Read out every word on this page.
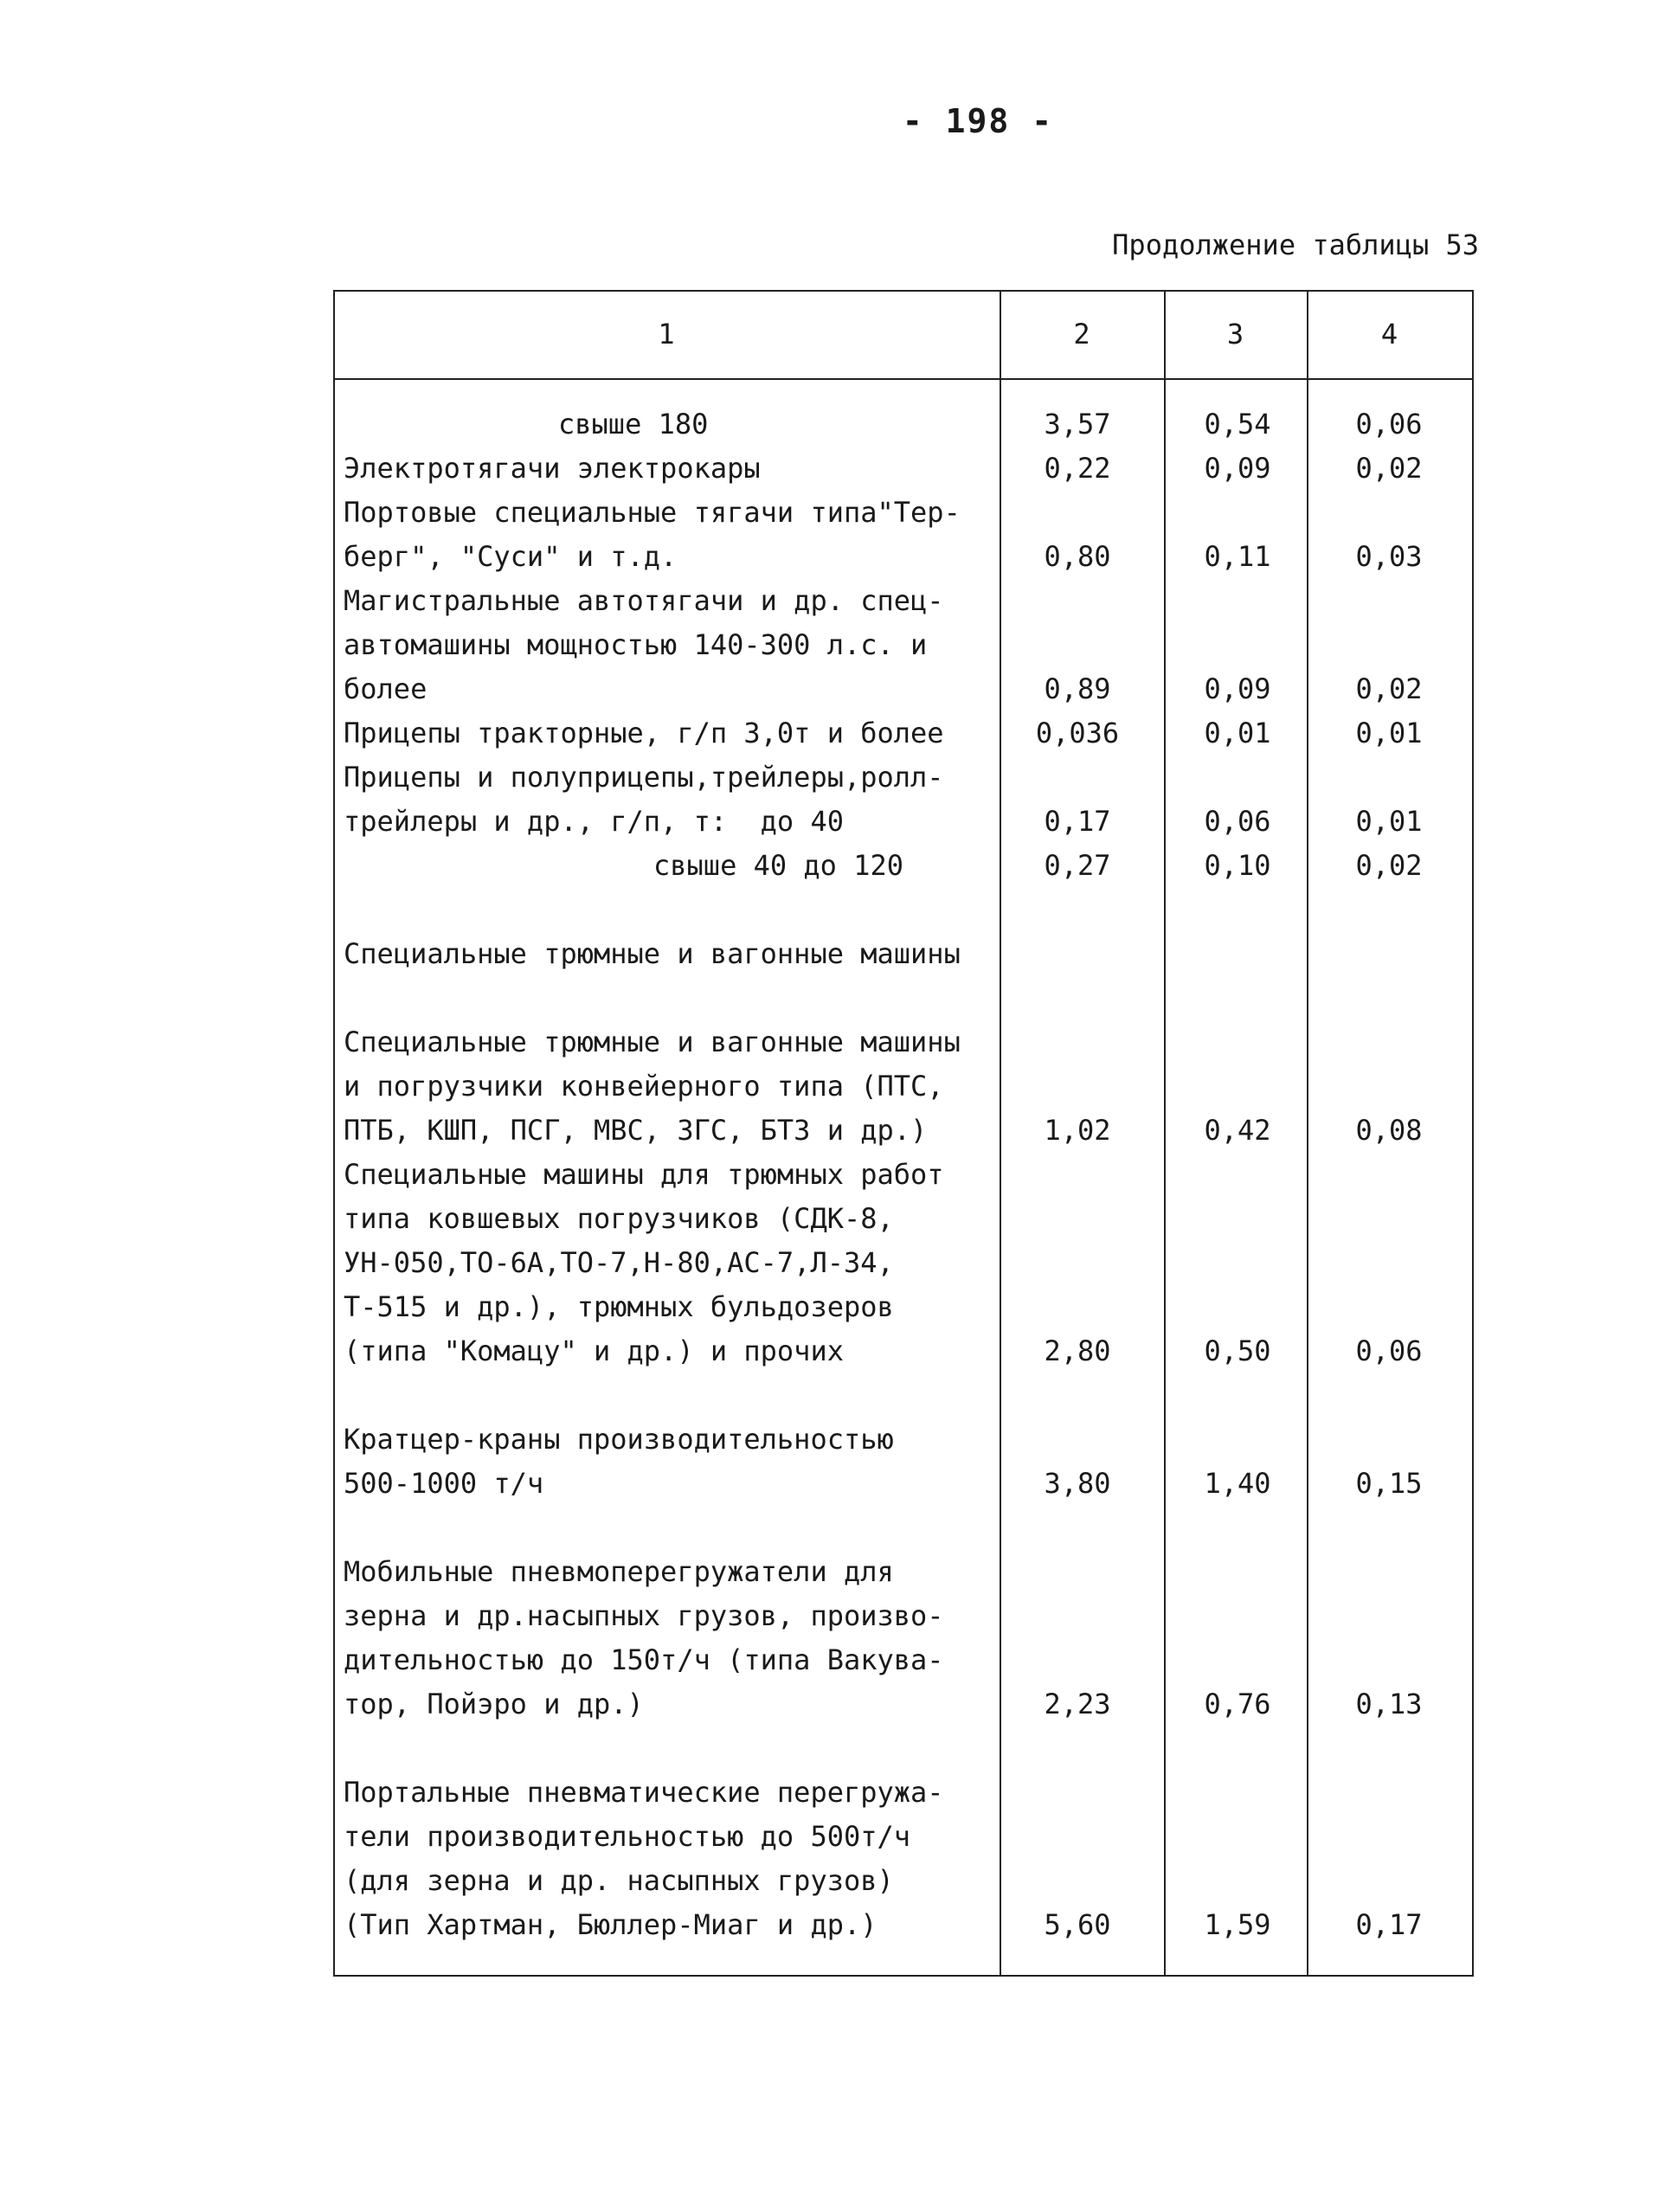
- 198 -
Продолжение таблицы 53
1	2	3	4
свыше 180	3,57	0,54	0,06
Электротягачи электрокары	0,22	0,09	0,02
Портовые специальные тягачи типа"Тер-
берг", "Суси" и т.д.	0,80	0,11	0,03
Магистральные автотягачи и др. спец-
автомашины мощностью 140-300 л.с. и
более	0,89	0,09	0,02
Прицепы тракторные, г/п 3,0т и более	0,036	0,01	0,01
Прицепы и полуприцепы,трейлеры,ролл-
трейлеры и др., г/п, т:  до 40	0,17	0,06	0,01
свыше 40 до 120	0,27	0,10	0,02
Специальные трюмные и вагонные машины
Специальные трюмные и вагонные машины
и погрузчики конвейерного типа (ПТС,
ПТБ, КШП, ПСГ, МВС, ЗГС, БТЗ и др.)	1,02	0,42	0,08
Специальные машины для трюмных работ
типа ковшевых погрузчиков (СДК-8,
УН-050,ТО-6А,ТО-7,Н-80,АС-7,Л-34,
Т-515 и др.), трюмных бульдозеров
(типа "Комацу" и др.) и прочих	2,80	0,50	0,06
Кратцер-краны производительностью
500-1000 т/ч	3,80	1,40	0,15
Мобильные пневмоперегружатели для
зерна и др.насыпных грузов, произво-
дительностью до 150т/ч (типа Вакува-
тор, Пойэро и др.)	2,23	0,76	0,13
Портальные пневматические перегружа-
тели производительностью до 500т/ч
(для зерна и др. насыпных грузов)
(Тип Хартман, Бюллер-Миаг и др.)	5,60	1,59	0,17
